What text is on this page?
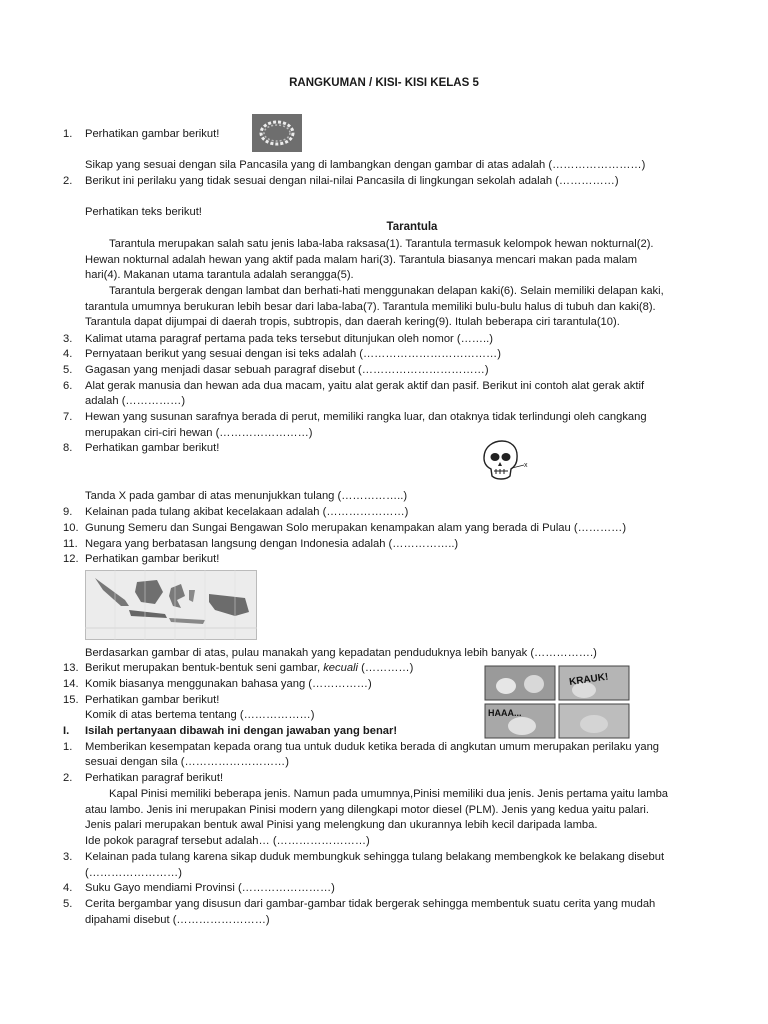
RANGKUMAN / KISI- KISI KELAS 5
1. Perhatikan gambar berikut!
Sikap yang sesuai dengan sila Pancasila yang di lambangkan dengan gambar di atas adalah (……………………)
2. Berikut ini perilaku yang tidak sesuai dengan nilai-nilai Pancasila di lingkungan sekolah adalah (……………)
Perhatikan teks berikut!
Tarantula
Tarantula merupakan salah satu jenis laba-laba raksasa(1). Tarantula termasuk kelompok hewan nokturnal(2).
Hewan nokturnal adalah hewan yang aktif pada malam hari(3). Tarantula biasanya mencari makan pada malam
hari(4). Makanan utama tarantula adalah serangga(5).
Tarantula bergerak dengan lambat dan berhati-hati menggunakan delapan kaki(6). Selain memiliki delapan kaki,
tarantula umumnya berukuran lebih besar dari laba-laba(7). Tarantula memiliki bulu-bulu halus di tubuh dan kaki(8).
Tarantula dapat dijumpai di daerah tropis, subtropis, dan daerah kering(9). Itulah beberapa ciri tarantula(10).
3. Kalimat utama paragraf pertama pada teks tersebut ditunjukan oleh nomor (……..)
4. Pernyataan berikut yang sesuai dengan isi teks adalah (………………………………)
5. Gagasan yang menjadi dasar sebuah paragraf disebut (……………………………)
6. Alat gerak manusia dan hewan ada dua macam, yaitu alat gerak aktif dan pasif. Berikut ini contoh alat gerak aktif
adalah (……………)
7. Hewan yang susunan sarafnya berada di perut, memiliki rangka luar, dan otaknya tidak terlindungi oleh cangkang
merupakan ciri-ciri hewan (……………………)
8. Perhatikan gambar berikut!
x
Tanda X pada gambar di atas menunjukkan tulang (……………..)
9. Kelainan pada tulang akibat kecelakaan adalah (…………………)
10. Gunung Semeru dan Sungai Bengawan Solo merupakan kenampakan alam yang berada di Pulau (…………)
11. Negara yang berbatasan langsung dengan Indonesia adalah (……………..)
12. Perhatikan gambar berikut!
Berdasarkan gambar di atas, pulau manakah yang kepadatan penduduknya lebih banyak (…………….)
13. Berikut merupakan bentuk-bentuk seni gambar, kecuali (…………)
14. Komik biasanya menggunakan bahasa yang (……………)
15. Perhatikan gambar berikut!
Komik di atas bertema tentang (………………)
KRAUK!
HAAA...
I. Isilah pertanyaan dibawah ini dengan jawaban yang benar!
1. Memberikan kesempatan kepada orang tua untuk duduk ketika berada di angkutan umum merupakan perilaku yang
sesuai dengan sila (………………………)
2. Perhatikan paragraf berikut!
Kapal Pinisi memiliki beberapa jenis. Namun pada umumnya,Pinisi memiliki dua jenis. Jenis pertama yaitu lamba
atau lambo. Jenis ini merupakan Pinisi modern yang dilengkapi motor diesel (PLM). Jenis yang kedua yaitu palari.
Jenis palari merupakan bentuk awal Pinisi yang melengkung dan ukurannya lebih kecil daripada lamba.
Ide pokok paragraf tersebut adalah… (……………………)
3. Kelainan pada tulang karena sikap duduk membungkuk sehingga tulang belakang membengkok ke belakang disebut
(……………………)
4. Suku Gayo mendiami Provinsi (……………………)
5. Cerita bergambar yang disusun dari gambar-gambar tidak bergerak sehingga membentuk suatu cerita yang mudah
dipahami disebut (……………………)
